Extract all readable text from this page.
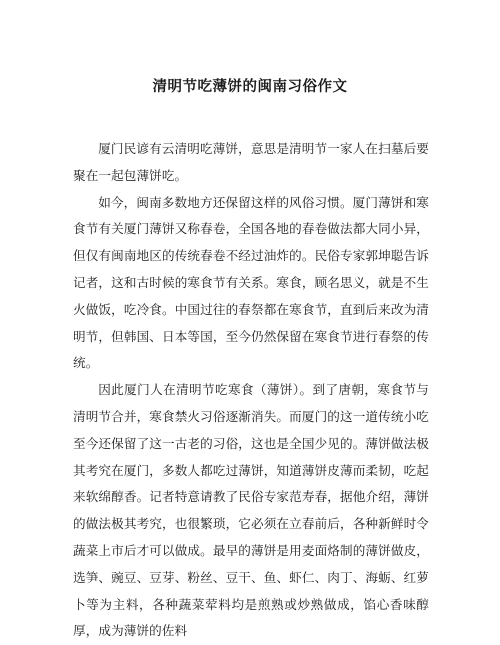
清明节吃薄饼的闽南习俗作文

厦门民谚有云清明吃薄饼，意思是清明节一家人在扫墓后要聚在一起包薄饼吃。

如今，闽南多数地方还保留这样的风俗习惯。厦门薄饼和寒食节有关厦门薄饼又称春卷，全国各地的春卷做法都大同小异，但仅有闽南地区的传统春卷不经过油炸的。民俗专家郭坤聪告诉记者，这和古时候的寒食节有关系。寒食，顾名思义，就是不生火做饭，吃冷食。中国过往的春祭都在寒食节，直到后来改为清明节，但韩国、日本等国，至今仍然保留在寒食节进行春祭的传统。

因此厦门人在清明节吃寒食（薄饼）。到了唐朝，寒食节与清明节合并，寒食禁火习俗逐渐消失。而厦门的这一道传统小吃至今还保留了这一古老的习俗，这也是全国少见的。薄饼做法极其考究在厦门，多数人都吃过薄饼，知道薄饼皮薄而柔韧，吃起来软绵醇香。记者特意请教了民俗专家范寿春，据他介绍，薄饼的做法极其考究，也很繁琐，它必须在立春前后，各种新鲜时令蔬菜上市后才可以做成。最早的薄饼是用麦面烙制的薄饼做皮，选笋、豌豆、豆芽、粉丝、豆干、鱼、虾仁、肉丁、海蛎、红萝卜等为主料，各种蔬菜荤料均是煎熟或炒熟做成，馅心香味醇厚，成为薄饼的佐料
